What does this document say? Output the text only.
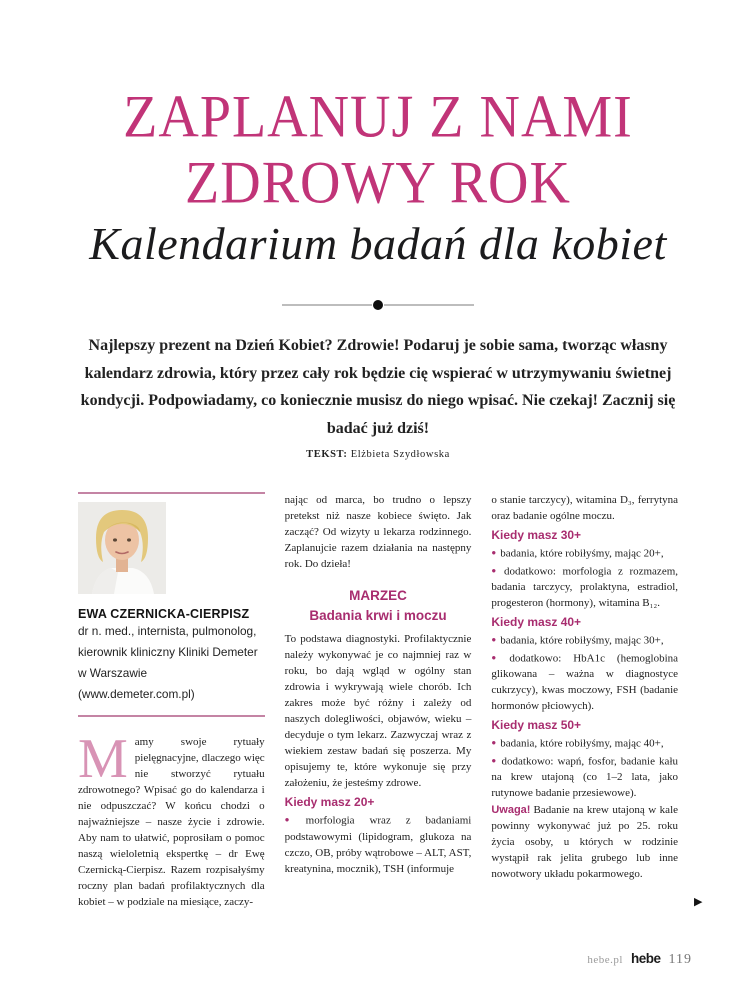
ZAPLANUJ Z NAMI
ZDROWY ROK
Kalendarium badań dla kobiet

Najlepszy prezent na Dzień Kobiet? Zdrowie! Podaruj je sobie sama, tworząc własny kalendarz zdrowia, który przez cały rok będzie cię wspierać w utrzymywaniu świetnej kondycji. Podpowiadamy, co koniecznie musisz do niego wpisać. Nie czekaj! Zacznij się badać już dziś!

TEKST: Elżbieta Szydłowska
EWA CZERNICKA-CIERPISZ
dr n. med., internista, pulmonolog,
kierownik kliniczny Kliniki Demeter
w Warszawie (www.demeter.com.pl)

Mamy swoje rytuały pielęgnacyjne, dlaczego więc nie stworzyć rytuału zdrowotnego? Wpisać go do kalendarza i nie odpuszczać? W końcu chodzi o najważniejsze – nasze życie i zdrowie. Aby nam to ułatwić, poprosiłam o pomoc naszą wieloletnią ekspertkę – dr Ewę Czernicką-Cierpisz. Razem rozpisałyśmy roczny plan badań profilaktycznych dla kobiet – w podziale na miesiące, zaczy-

nając od marca, bo trudno o lepszy pretekst niż nasze kobiece święto. Jak zacząć? Od wizyty u lekarza rodzinnego. Zaplanujcie razem działania na następny rok. Do dzieła!

MARZEC
Badania krwi i moczu

To podstawa diagnostyki. Profilaktycznie należy wykonywać je co najmniej raz w roku, bo dają wgląd w ogólny stan zdrowia i wykrywają wiele chorób. Ich zakres może być różny i zależy od naszych dolegliwości, objawów, wieku – decyduje o tym lekarz. Zazwyczaj wraz z wiekiem zestaw badań się poszerza. My opisujemy te, które wykonuje się przy założeniu, że jesteśmy zdrowe.

Kiedy masz 20+

● morfologia wraz z badaniami podstawowymi (lipidogram, glukoza na czczo, OB, próby wątrobowe – ALT, AST, kreatynina, mocznik), TSH (informuje

o stanie tarczycy), witamina D₃, ferrytyna oraz badanie ogólne moczu.

Kiedy masz 30+

● badania, które robiłyśmy, mając 20+,

● dodatkowo: morfologia z rozmazem, badania tarczycy, prolaktyna, estradiol, progesteron (hormony), witamina B₁₂.

Kiedy masz 40+

● badania, które robiłyśmy, mając 30+,

● dodatkowo: HbA1c (hemoglobina glikowana – ważna w diagnostyce cukrzycy), kwas moczowy, FSH (badanie hormonów płciowych).

Kiedy masz 50+

● badania, które robiłyśmy, mając 40+,

● dodatkowo: wapń, fosfor, badanie kału na krew utajoną (co 1–2 lata, jako rutynowe badanie przesiewowe).

Uwaga! Badanie na krew utajoną w kale powinny wykonywać już po 25. roku życia osoby, u których w rodzinie wystąpił rak jelita grubego lub inne nowotwory układu pokarmowego.

▶
hebe.pl hebe 119
